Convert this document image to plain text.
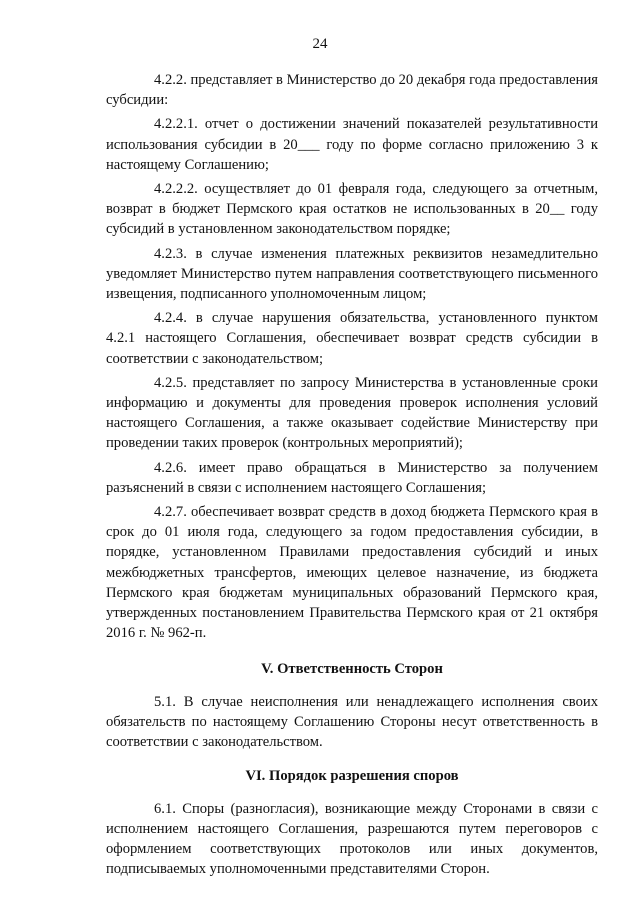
24

4.2.2. представляет в Министерство до 20 декабря года предоставления субсидии:

4.2.2.1. отчет о достижении значений показателей результативности использования субсидии в 20___ году по форме согласно приложению 3 к настоящему Соглашению;

4.2.2.2. осуществляет до 01 февраля года, следующего за отчетным, возврат в бюджет Пермского края остатков не использованных в 20__ году субсидий в установленном законодательством порядке;

4.2.3. в случае изменения платежных реквизитов незамедлительно уведомляет Министерство путем направления соответствующего письменного извещения, подписанного уполномоченным лицом;

4.2.4. в случае нарушения обязательства, установленного пунктом 4.2.1 настоящего Соглашения, обеспечивает возврат средств субсидии в соответствии с законодательством;

4.2.5. представляет по запросу Министерства в установленные сроки информацию и документы для проведения проверок исполнения условий настоящего Соглашения, а также оказывает содействие Министерству при проведении таких проверок (контрольных мероприятий);

4.2.6. имеет право обращаться в Министерство за получением разъяснений в связи с исполнением настоящего Соглашения;

4.2.7. обеспечивает возврат средств в доход бюджета Пермского края в срок до 01 июля года, следующего за годом предоставления субсидии, в порядке, установленном Правилами предоставления субсидий и иных межбюджетных трансфертов, имеющих целевое назначение, из бюджета Пермского края бюджетам муниципальных образований Пермского края, утвержденных постановлением Правительства Пермского края от 21 октября 2016 г. № 962-п.

V. Ответственность Сторон

5.1. В случае неисполнения или ненадлежащего исполнения своих обязательств по настоящему Соглашению Стороны несут ответственность в соответствии с законодательством.

VI. Порядок разрешения споров

6.1. Споры (разногласия), возникающие между Сторонами в связи с исполнением настоящего Соглашения, разрешаются путем переговоров с оформлением соответствующих протоколов или иных документов, подписываемых уполномоченными представителями Сторон.
